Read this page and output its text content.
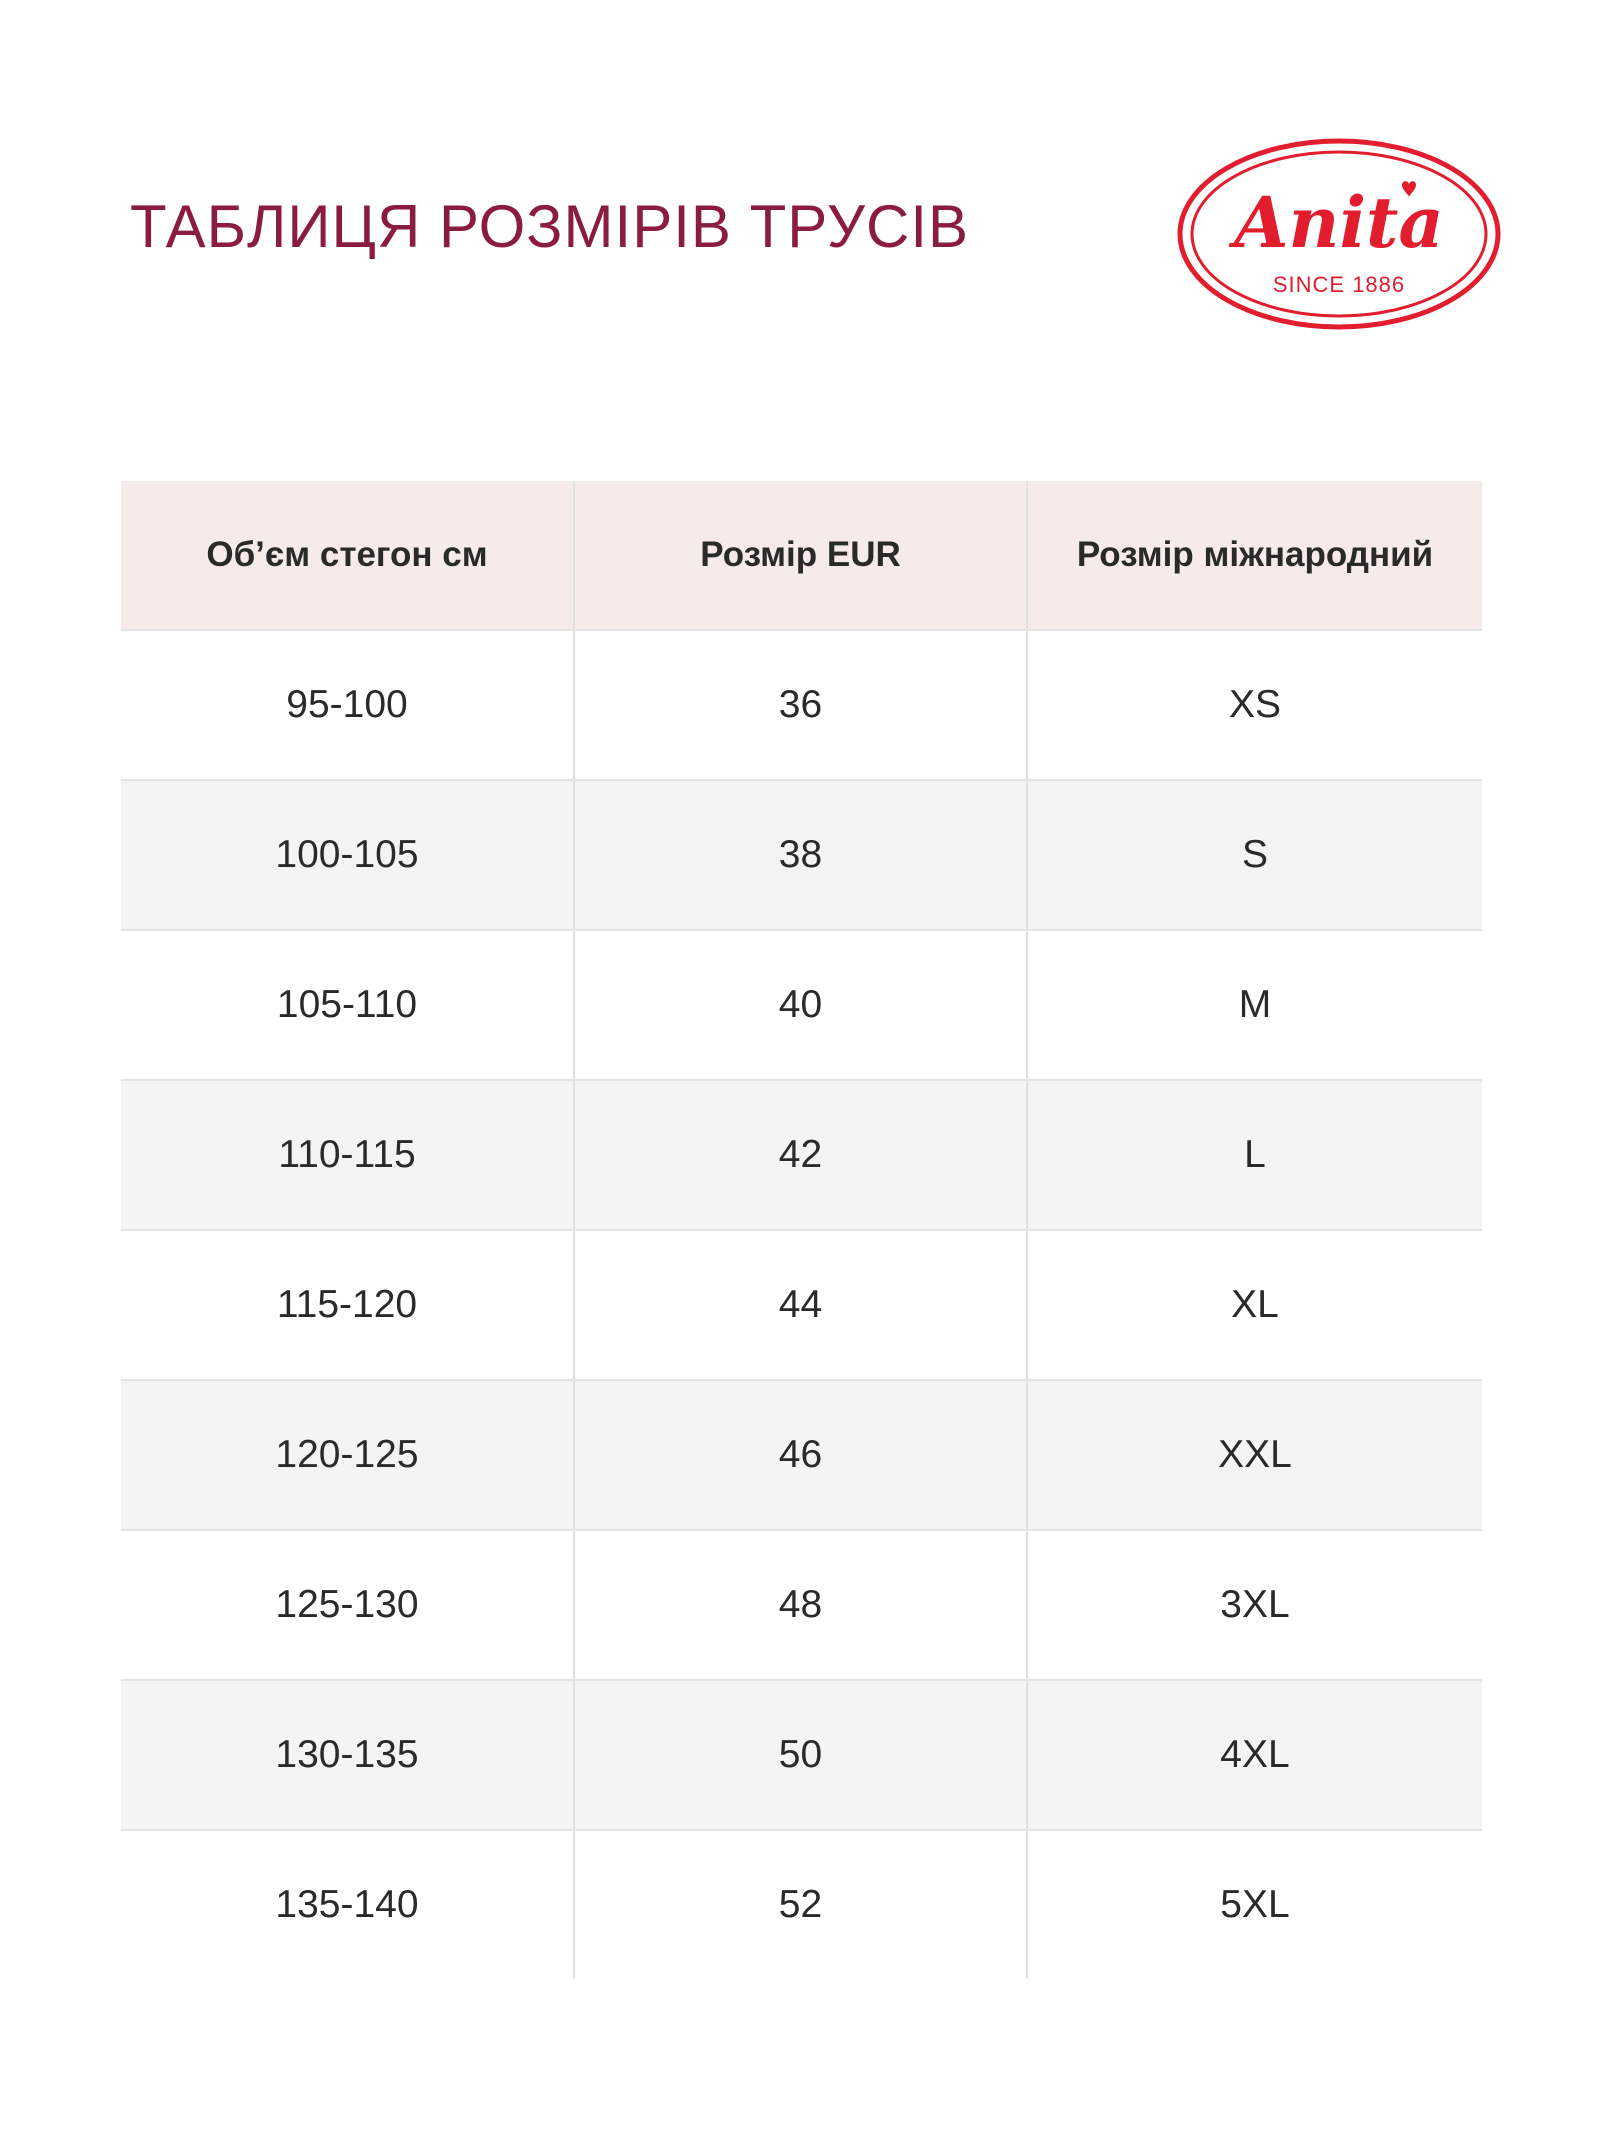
ТАБЛИЦЯ РОЗМІРІВ ТРУСІВ	Anita
SINCE 1886
Об’єм стегон см	Розмір EUR	Розмір міжнародний
95-100	36	XS
100-105	38	S
105-110	40	M
110-115	42	L
115-120	44	XL
120-125	46	XXL
125-130	48	3XL
130-135	50	4XL
135-140	52	5XL
